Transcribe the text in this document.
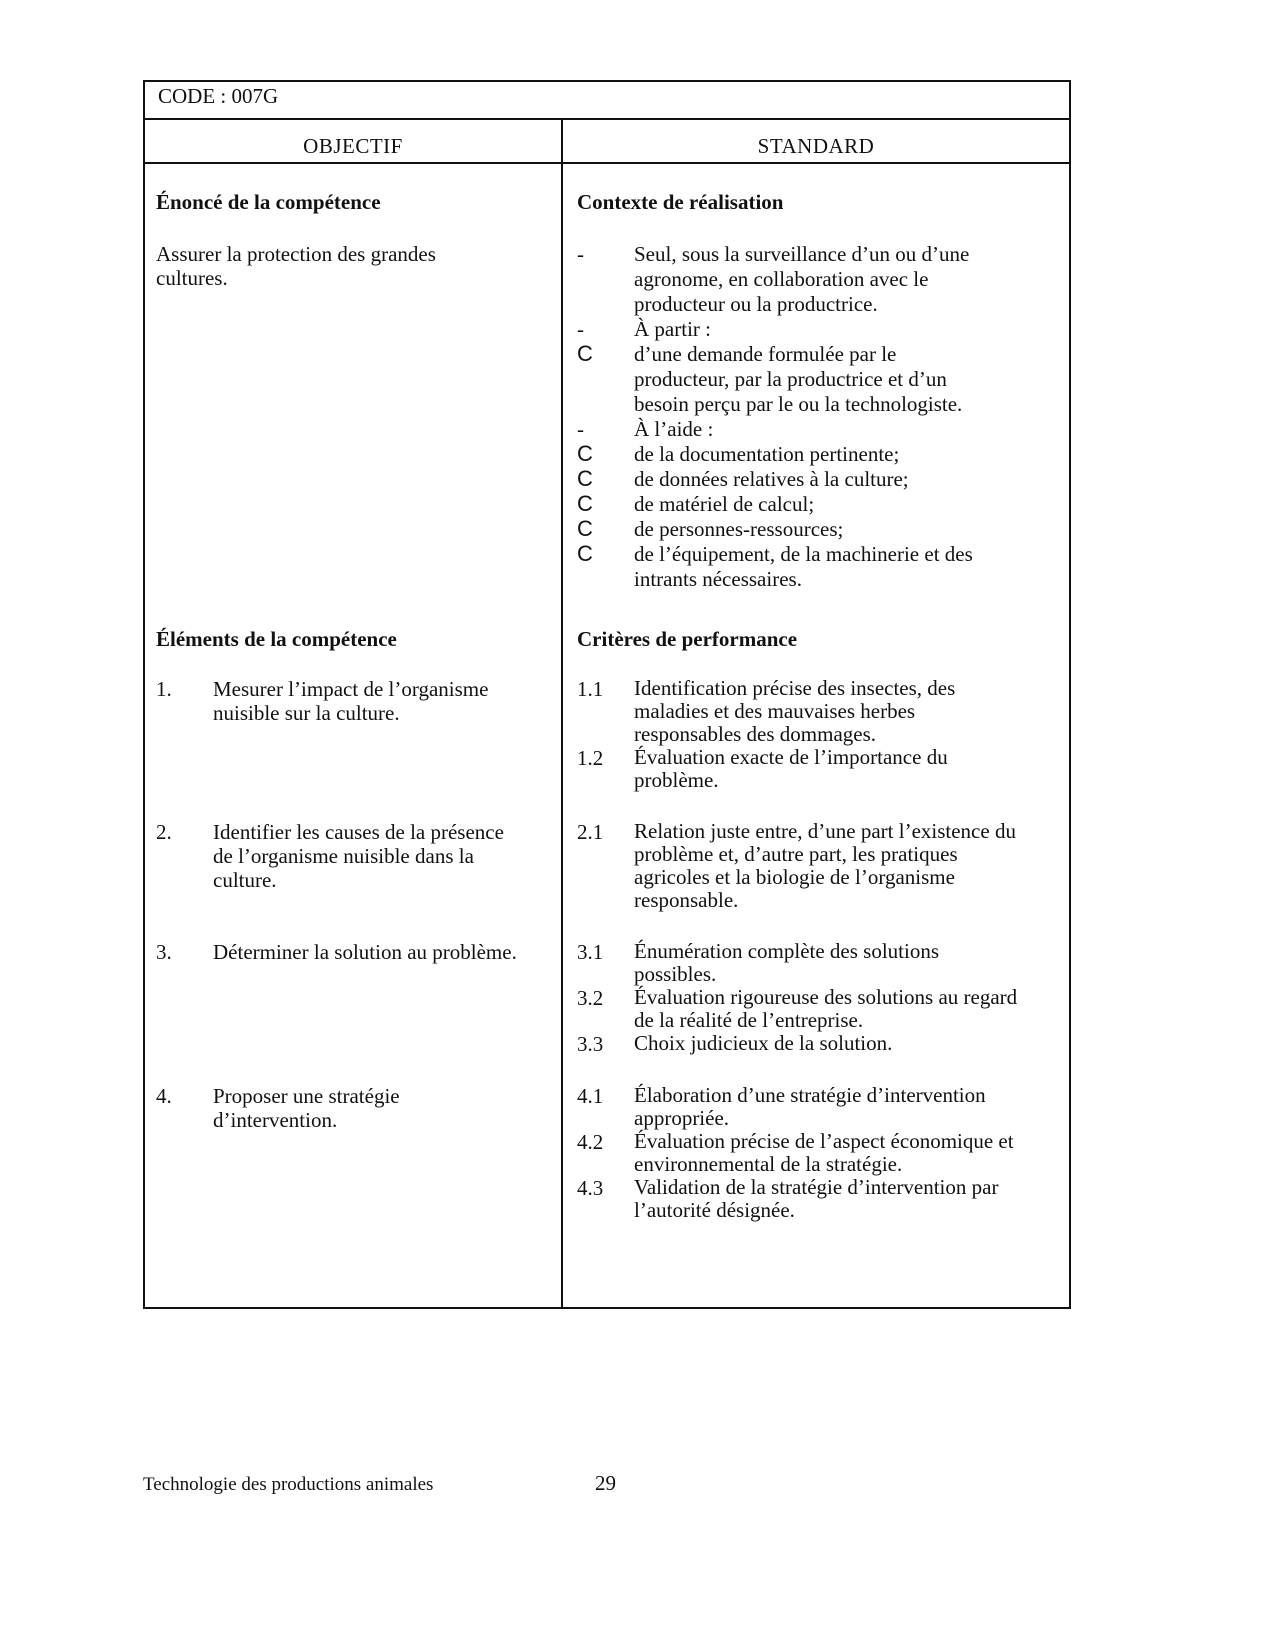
CODE : 007G
OBJECTIF	STANDARD
Énoncé de la compétence
Assurer la protection des grandes
cultures.
Éléments de la compétence
1. Mesurer l’impact de l’organisme
nuisible sur la culture.
2. Identifier les causes de la présence
de l’organisme nuisible dans la
culture.
3. Déterminer la solution au problème.
4. Proposer une stratégie
d’intervention.
Contexte de réalisation
- Seul, sous la surveillance d’un ou d’une
agronome, en collaboration avec le
producteur ou la productrice.
- À partir :
C d’une demande formulée par le
producteur, par la productrice et d’un
besoin perçu par le ou la technologiste.
- À l’aide :
C de la documentation pertinente;
C de données relatives à la culture;
C de matériel de calcul;
C de personnes-ressources;
C de l’équipement, de la machinerie et des
intrants nécessaires.
Critères de performance
1.1 Identification précise des insectes, des
maladies et des mauvaises herbes
responsables des dommages.
1.2 Évaluation exacte de l’importance du
problème.
2.1 Relation juste entre, d’une part l’existence du
problème et, d’autre part, les pratiques
agricoles et la biologie de l’organisme
responsable.
3.1 Énumération complète des solutions
possibles.
3.2 Évaluation rigoureuse des solutions au regard
de la réalité de l’entreprise.
3.3 Choix judicieux de la solution.
4.1 Élaboration d’une stratégie d’intervention
appropriée.
4.2 Évaluation précise de l’aspect économique et
environnemental de la stratégie.
4.3 Validation de la stratégie d’intervention par
l’autorité désignée.
Technologie des productions animales	29
